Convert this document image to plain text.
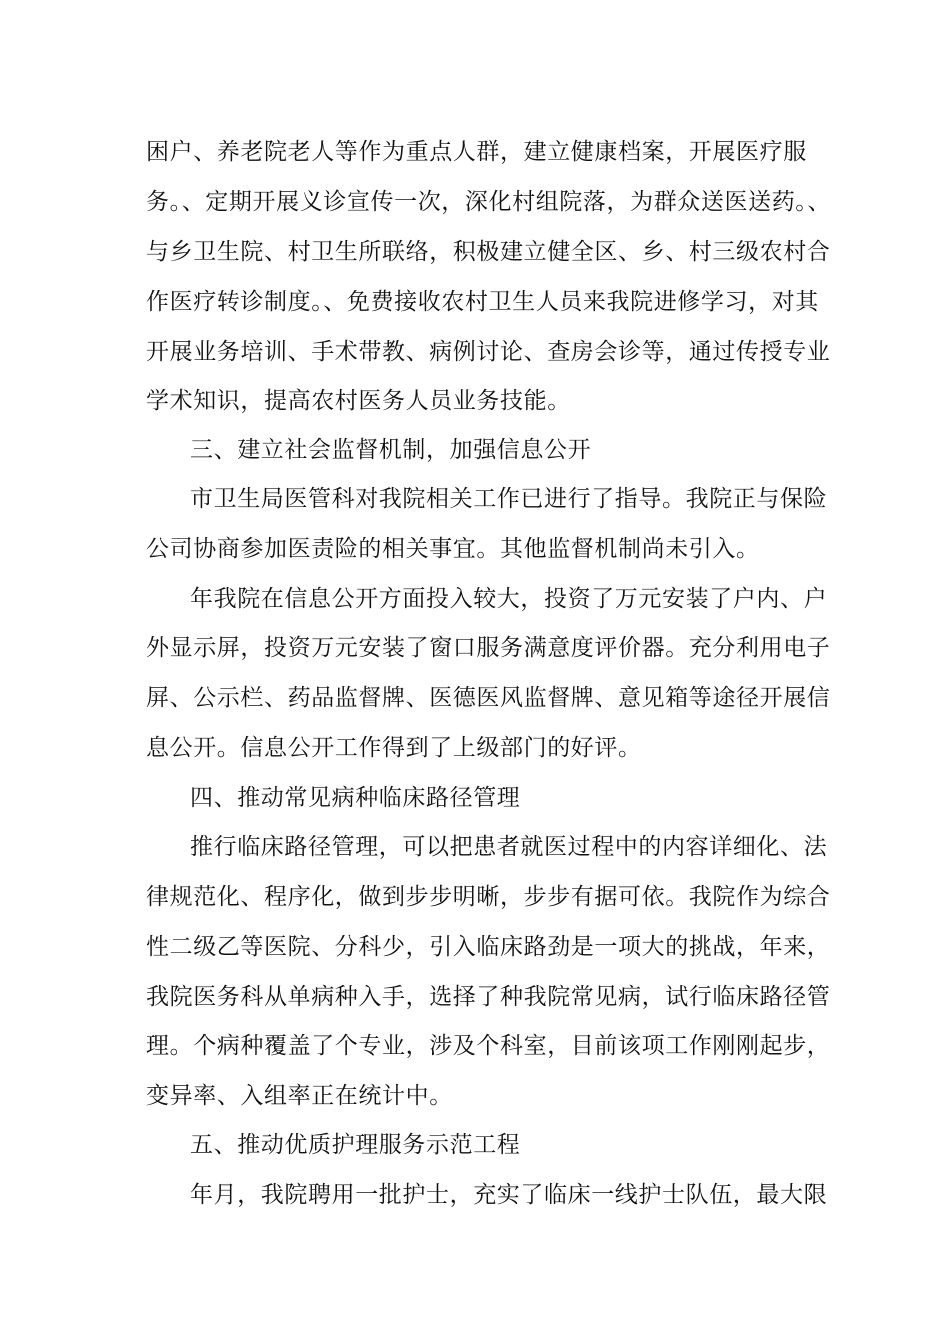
困户、养老院老人等作为重点人群，建立健康档案，开展医疗服
务。、定期开展义诊宣传一次，深化村组院落，为群众送医送药。、
与乡卫生院、村卫生所联络，积极建立健全区、乡、村三级农村合
作医疗转诊制度。、免费接收农村卫生人员来我院进修学习，对其
开展业务培训、手术带教、病例讨论、查房会诊等，通过传授专业
学术知识，提高农村医务人员业务技能。
三、建立社会监督机制，加强信息公开
市卫生局医管科对我院相关工作已进行了指导。我院正与保险
公司协商参加医责险的相关事宜。其他监督机制尚未引入。
年我院在信息公开方面投入较大，投资了万元安装了户内、户
外显示屏，投资万元安装了窗口服务满意度评价器。充分利用电子
屏、公示栏、药品监督牌、医德医风监督牌、意见箱等途径开展信
息公开。信息公开工作得到了上级部门的好评。
四、推动常见病种临床路径管理
推行临床路径管理，可以把患者就医过程中的内容详细化、法
律规范化、程序化，做到步步明晰，步步有据可依。我院作为综合
性二级乙等医院、分科少，引入临床路劲是一项大的挑战，年来，
我院医务科从单病种入手，选择了种我院常见病，试行临床路径管
理。个病种覆盖了个专业，涉及个科室，目前该项工作刚刚起步，
变异率、入组率正在统计中。
五、推动优质护理服务示范工程
年月，我院聘用一批护士，充实了临床一线护士队伍，最大限
